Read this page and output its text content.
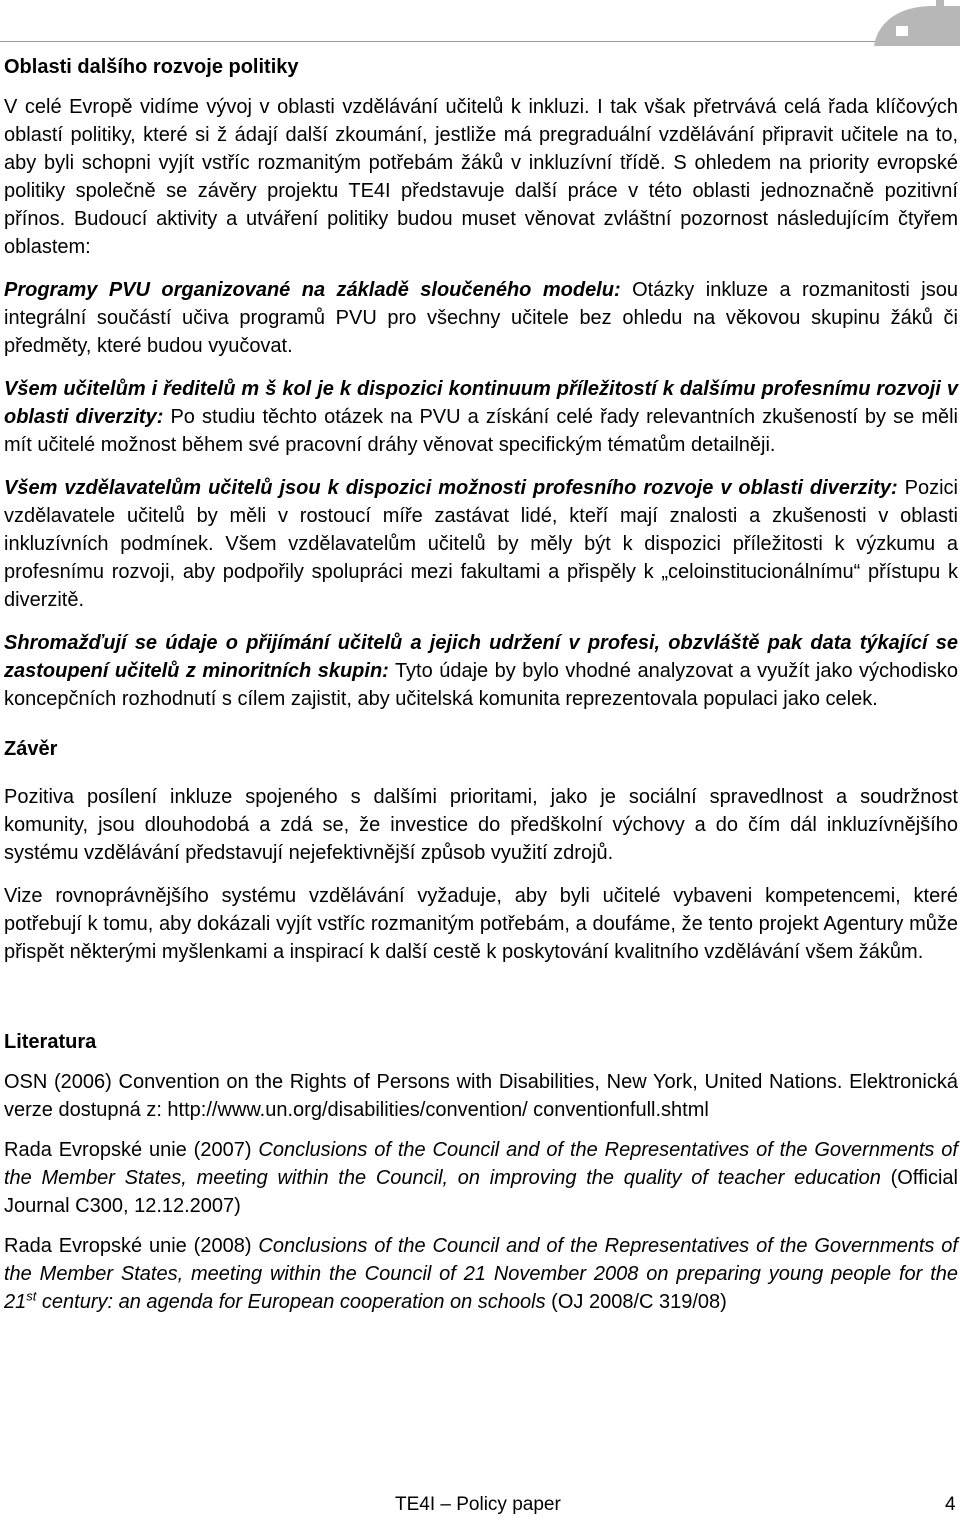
Oblasti dalšího rozvoje politiky

V celé Evropě vidíme vývoj v oblasti vzdělávání učitelů k inkluzi. I tak však přetrvává celá řada klíčových oblastí politiky, které si ž ádají další zkoumání, jestliže má pregraduální vzdělávání připravit učitele na to, aby byli schopni vyjít vstříc rozmanitým potřebám žáků v inkluzívní třídě. S ohledem na priority evropské politiky společně se závěry projektu TE4I představuje další práce v této oblasti jednoznačně pozitivní přínos. Budoucí aktivity a utváření politiky budou muset věnovat zvláštní pozornost následujícím čtyřem oblastem:

Programy PVU organizované na základě sloučeného modelu: Otázky inkluze a rozmanitosti jsou integrální součástí učiva programů PVU pro všechny učitele bez ohledu na věkovou skupinu žáků či předměty, které budou vyučovat.

Všem učitelům i ředitelů m š kol je k dispozici kontinuum příležitostí k dalšímu profesnímu rozvoji v oblasti diverzity: Po studiu těchto otázek na PVU a získání celé řady relevantních zkušeností by se měli mít učitelé možnost během své pracovní dráhy věnovat specifickým tématům detailněji.

Všem vzdělavatelům učitelů jsou k dispozici možnosti profesního rozvoje v oblasti diverzity: Pozici vzdělavatele učitelů by měli v rostoucí míře zastávat lidé, kteří mají znalosti a zkušenosti v oblasti inkluzívních podmínek. Všem vzdělavatelům učitelů by měly být k dispozici příležitosti k výzkumu a profesnímu rozvoji, aby podpořily spolupráci mezi fakultami a přispěly k „celoinstitucionálnímu“ přístupu k diverzitě.

Shromažďují se údaje o přijímání učitelů a jejich udržení v profesi, obzvláště pak data týkající se zastoupení učitelů z minoritních skupin: Tyto údaje by bylo vhodné analyzovat a využít jako východisko koncepčních rozhodnutí s cílem zajistit, aby učitelská komunita reprezentovala populaci jako celek.

Závěr

Pozitiva posílení inkluze spojeného s dalšími prioritami, jako je sociální spravedlnost a soudržnost komunity, jsou dlouhodobá a zdá se, že investice do předškolní výchovy a do čím dál inkluzívnějšího systému vzdělávání představují nejefektivnější způsob využití zdrojů.

Vize rovnoprávnějšího systému vzdělávání vyžaduje, aby byli učitelé vybaveni kompetencemi, které potřebují k tomu, aby dokázali vyjít vstříc rozmanitým potřebám, a doufáme, že tento projekt Agentury může přispět některými myšlenkami a inspirací k další cestě k poskytování kvalitního vzdělávání všem žákům.

Literatura

OSN (2006) Convention on the Rights of Persons with Disabilities, New York, United Nations. Elektronická verze dostupná z: http://www.un.org/disabilities/convention/ conventionfull.shtml

Rada Evropské unie (2007) Conclusions of the Council and of the Representatives of the Governments of the Member States, meeting within the Council, on improving the quality of teacher education (Official Journal C300, 12.12.2007)

Rada Evropské unie (2008) Conclusions of the Council and of the Representatives of the Governments of the Member States, meeting within the Council of 21 November 2008 on preparing young people for the 21st century: an agenda for European cooperation on schools (OJ 2008/C 319/08)

TE4I – Policy paper	4
